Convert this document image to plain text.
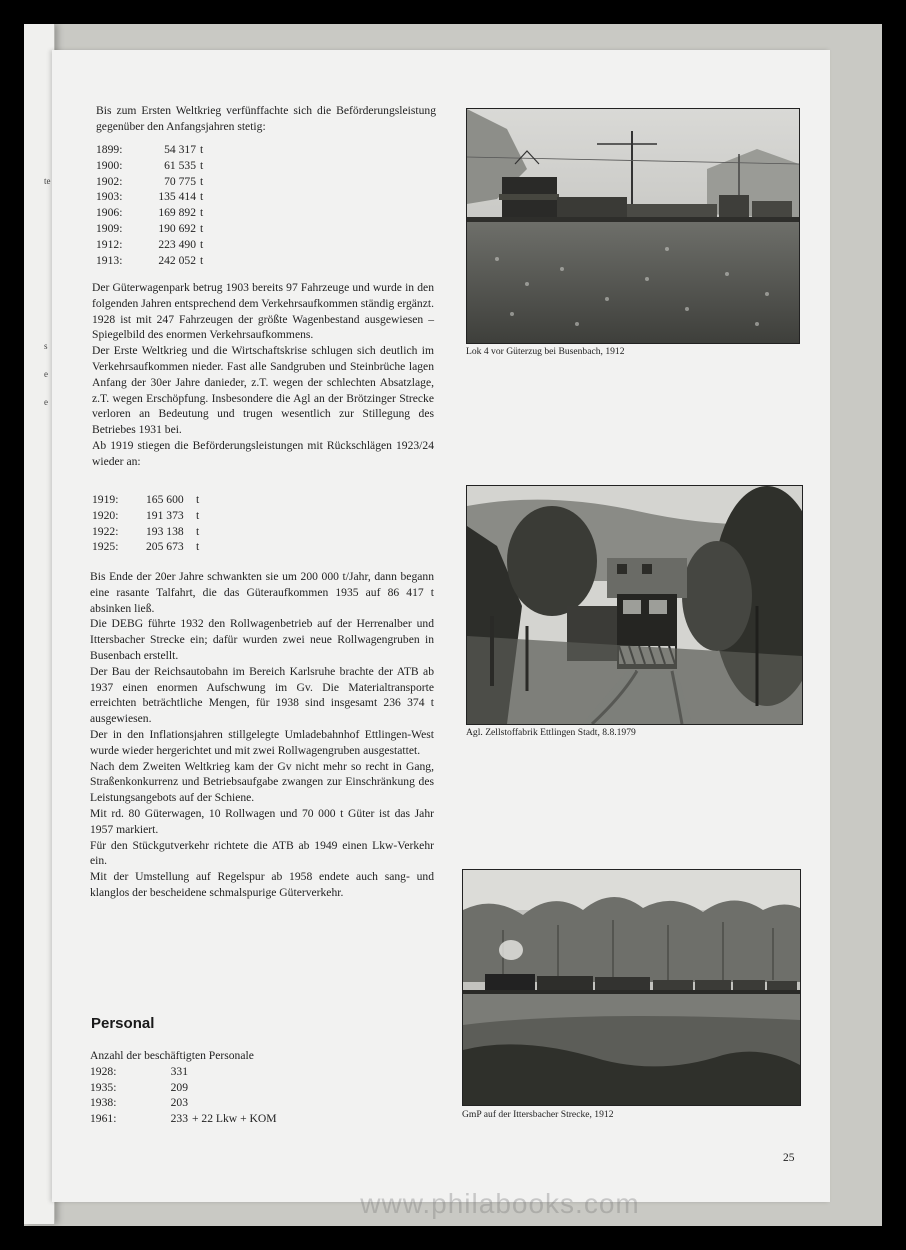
te
s
e
e

Bis zum Ersten Weltkrieg verfünffachte sich die Beförderungsleistung gegenüber den Anfangsjahren stetig:

1899:	54 317 t
1900:	61 535 t
1902:	70 775 t
1903:	135 414 t
1906:	169 892 t
1909:	190 692 t
1912:	223 490 t
1913:	242 052 t

Der Güterwagenpark betrug 1903 bereits 97 Fahrzeuge und wurde in den folgenden Jahren entsprechend dem Verkehrsaufkommen ständig ergänzt. 1928 ist mit 247 Fahrzeugen der größte Wagenbestand ausgewiesen – Spiegelbild des enormen Verkehrsaufkommens.

Der Erste Weltkrieg und die Wirtschaftskrise schlugen sich deutlich im Verkehrsaufkommen nieder. Fast alle Sandgruben und Steinbrüche lagen Anfang der 30er Jahre danieder, z.T. wegen der schlechten Absatzlage, z.T. wegen Erschöpfung. Insbesondere die Agl an der Brötzinger Strecke verloren an Bedeutung und trugen wesentlich zur Stillegung des Betriebes 1931 bei.

Ab 1919 stiegen die Beförderungsleistungen mit Rückschlägen 1923/24 wieder an:

1919:	165 600	t
1920:	191 373	t
1922:	193 138	t
1925:	205 673	t

Bis Ende der 20er Jahre schwankten sie um 200 000 t/Jahr, dann begann eine rasante Talfahrt, die das Güteraufkommen 1935 auf 86 417 t absinken ließ.

Die DEBG führte 1932 den Rollwagenbetrieb auf der Herrenalber und Ittersbacher Strecke ein; dafür wurden zwei neue Rollwagengruben in Busenbach erstellt.

Der Bau der Reichsautobahn im Bereich Karlsruhe brachte der ATB ab 1937 einen enormen Aufschwung im Gv. Die Materialtransporte erreichten beträchtliche Mengen, für 1938 sind insgesamt 236 374 t ausgewiesen.

Der in den Inflationsjahren stillgelegte Umladebahnhof Ettlingen-West wurde wieder hergerichtet und mit zwei Rollwagengruben ausgestattet.

Nach dem Zweiten Weltkrieg kam der Gv nicht mehr so recht in Gang, Straßenkonkurrenz und Betriebsaufgabe zwangen zur Einschränkung des Leistungsangebots auf der Schiene.

Mit rd. 80 Güterwagen, 10 Rollwagen und 70 000 t Güter ist das Jahr 1957 markiert.

Für den Stückgutverkehr richtete die ATB ab 1949 einen Lkw-Verkehr ein.

Mit der Umstellung auf Regelspur ab 1958 endete auch sang- und klanglos der bescheidene schmalspurige Güterverkehr.

Personal
Anzahl der beschäftigten Personale
1928:	331
1935:	209
1938:	203
1961:	233 + 22 Lkw + KOM
Lok 4 vor Güterzug bei Busenbach, 1912
Agl. Zellstoffabrik Ettlingen Stadt, 8.8.1979
GmP auf der Ittersbacher Strecke, 1912
25
www.philabooks.com
